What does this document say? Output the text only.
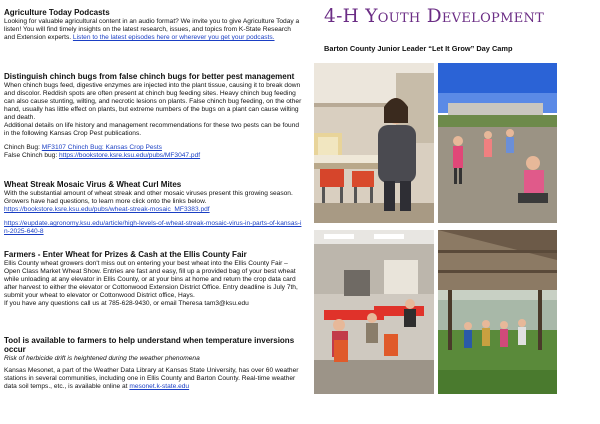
Agriculture Today Podcasts

Looking for valuable agricultural content in an audio format? We invite you to give Agriculture Today a listen! You will find timely insights on the latest research, issues, and topics from K-State Research and Extension experts. Listen to the latest episodes here or wherever you get your podcasts.

Distinguish chinch bugs from false chinch bugs for better pest management

When chinch bugs feed, digestive enzymes are injected into the plant tissue, causing it to break down and discolor. Reddish spots are often present at chinch bug feeding sites. Heavy chinch bug feeding can also cause stunting, wilting, and necrotic lesions on plants. False chinch bug feeding, on the other hand, usually has little effect on plants, but extreme numbers of the bugs on a plant can cause wilting and death.

Additional details on life history and management recommendations for these two pests can be found in the following Kansas Crop Pest publications.

Chinch Bug: MF3107 Chinch Bug: Kansas Crop Pests

False Chinch bug: https://bookstore.ksre.ksu.edu/pubs/MF3047.pdf

Wheat Streak Mosaic Virus & Wheat Curl Mites

With the substantial amount of wheat streak and other mosaic viruses present this growing season. Growers have had questions, to learn more click onto the links below.

https://bookstore.ksre.ksu.edu/pubs/wheat-streak-mosaic_MF3383.pdf

https://eupdate.agronomy.ksu.edu/article/high-levels-of-wheat-streak-mosaic-virus-in-parts-of-kansas-in-2025-640-8

Farmers - Enter Wheat for Prizes & Cash at the Ellis County Fair

Ellis County wheat growers don't miss out on entering your best wheat into the Ellis County Fair – Open Class Market Wheat Show. Entries are fast and easy, fill up a provided bag of your best wheat while unloading at any elevator in Ellis County, or at your bins at home and return the crop data card after harvest to either the elevator or Cottonwood Extension District Office. Entry deadline is July 7th, submit your wheat to elevator or Cottonwood District office, Hays.

If you have any questions call us at 785-628-9430, or email Theresa tam3@ksu.edu

Tool is available to farmers to help understand when temperature inversions occur

Risk of herbicide drift is heightened during the weather phenomena

Kansas Mesonet, a part of the Weather Data Library at Kansas State University, has over 60 weather stations in several communities, including one in Ellis County and Barton County. Real-time weather data soil temps., etc., is available online at mesonet.k-state.edu

4-H Youth Development
Barton County Junior Leader “Let It Grow” Day Camp
